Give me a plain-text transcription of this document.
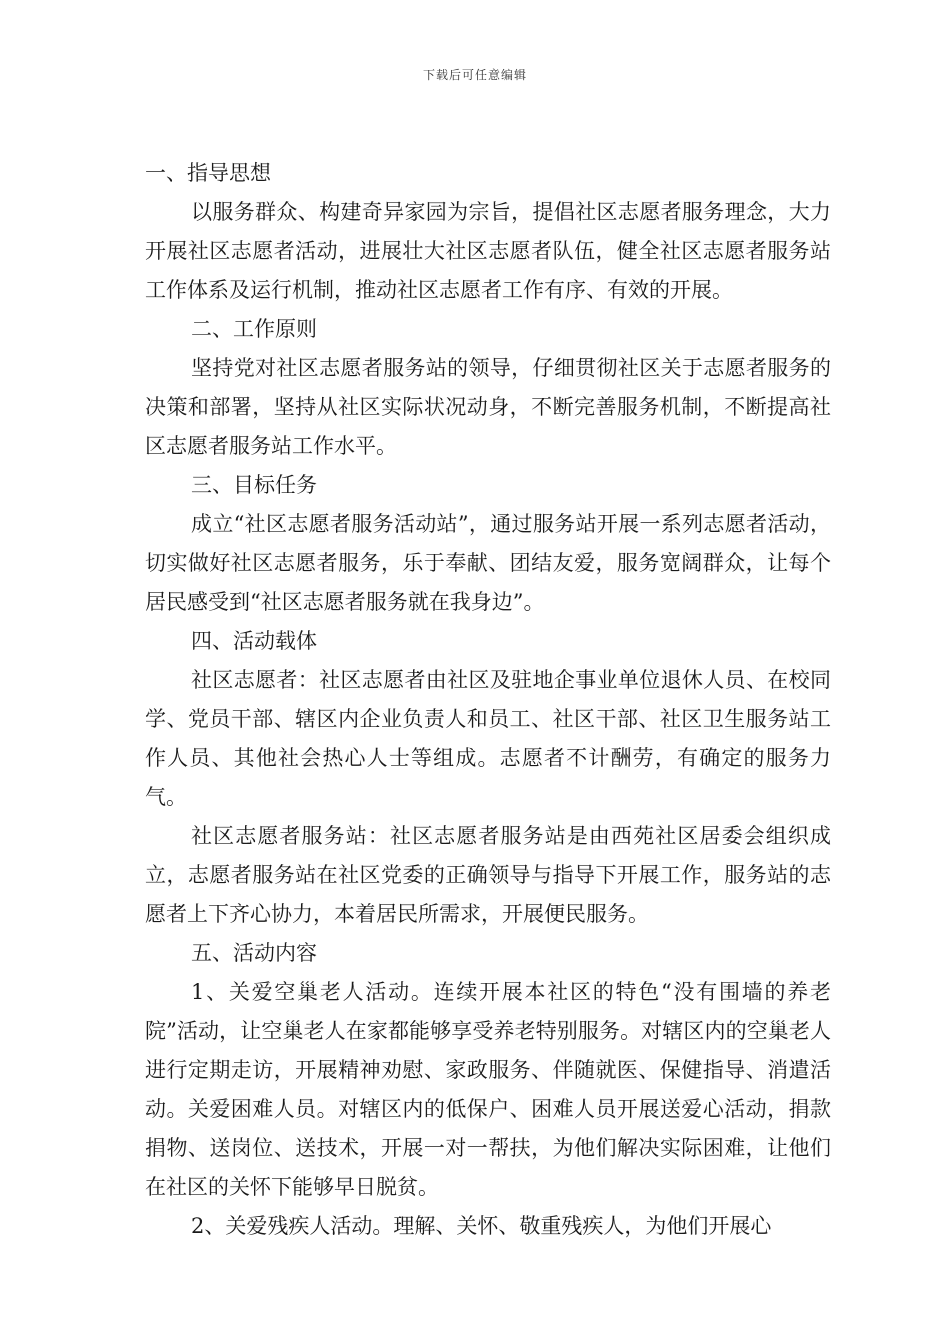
下载后可任意编辑

一、指导思想

以服务群众、构建奇异家园为宗旨，提倡社区志愿者服务理念，大力开展社区志愿者活动，进展壮大社区志愿者队伍，健全社区志愿者服务站工作体系及运行机制，推动社区志愿者工作有序、有效的开展。

二、工作原则

坚持党对社区志愿者服务站的领导，仔细贯彻社区关于志愿者服务的决策和部署，坚持从社区实际状况动身，不断完善服务机制，不断提高社区志愿者服务站工作水平。

三、目标任务

成立“社区志愿者服务活动站”，通过服务站开展一系列志愿者活动，切实做好社区志愿者服务，乐于奉献、团结友爱，服务宽阔群众，让每个居民感受到“社区志愿者服务就在我身边”。

四、活动载体

社区志愿者：社区志愿者由社区及驻地企事业单位退休人员、在校同学、党员干部、辖区内企业负责人和员工、社区干部、社区卫生服务站工作人员、其他社会热心人士等组成。志愿者不计酬劳，有确定的服务力气。

社区志愿者服务站：社区志愿者服务站是由西苑社区居委会组织成立，志愿者服务站在社区党委的正确领导与指导下开展工作，服务站的志愿者上下齐心协力，本着居民所需求，开展便民服务。

五、活动内容

1、关爱空巢老人活动。连续开展本社区的特色“没有围墙的养老院”活动，让空巢老人在家都能够享受养老特别服务。对辖区内的空巢老人进行定期走访，开展精神劝慰、家政服务、伴随就医、保健指导、消遣活动。关爱困难人员。对辖区内的低保户、困难人员开展送爱心活动，捐款捐物、送岗位、送技术，开展一对一帮扶，为他们解决实际困难，让他们在社区的关怀下能够早日脱贫。

2、关爱残疾人活动。理解、关怀、敬重残疾人，为他们开展心
